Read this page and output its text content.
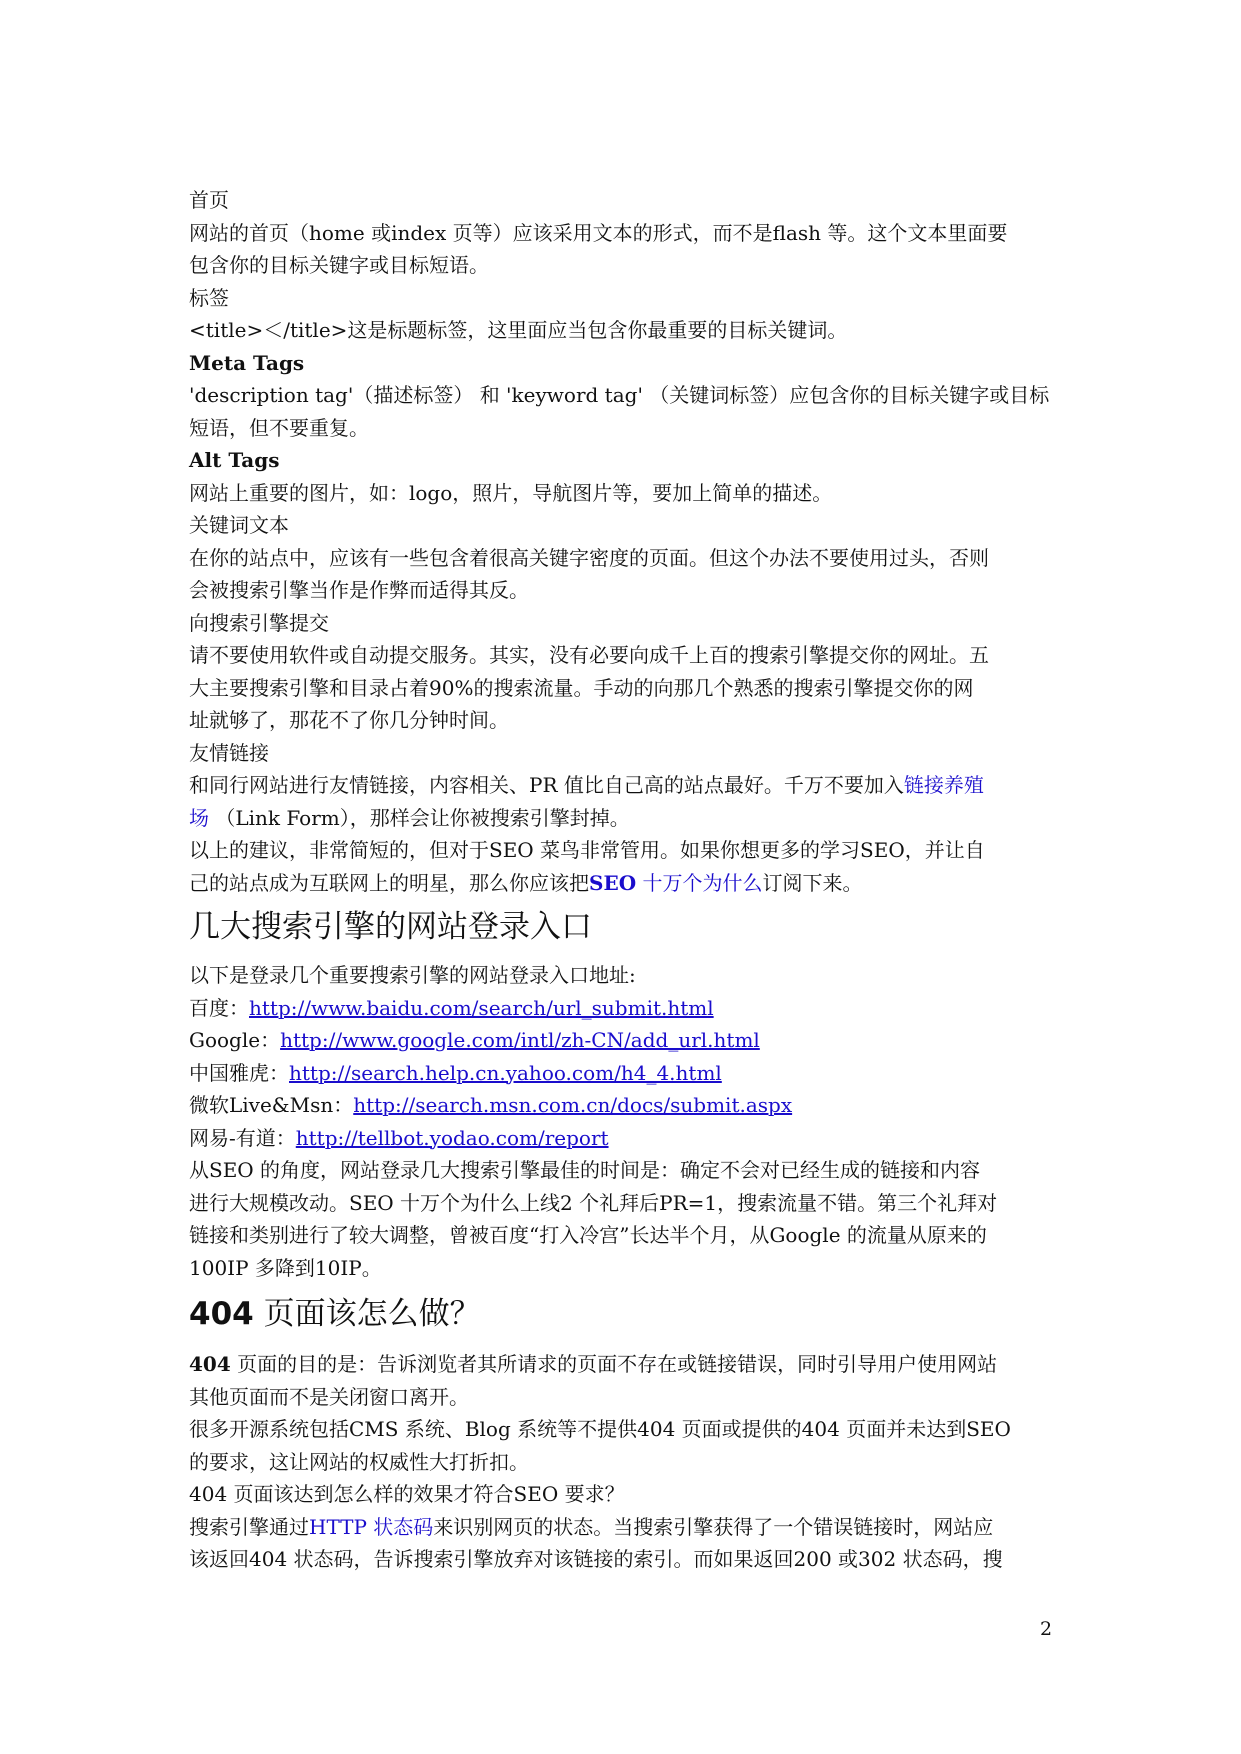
首页
网站的首页（home 或index 页等）应该采用文本的形式，而不是flash 等。这个文本里面要
包含你的目标关键字或目标短语。
标签
<title>＜/title>这是标题标签，这里面应当包含你最重要的目标关键词。
Meta Tags
'description tag'（描述标签） 和 'keyword tag' （关键词标签）应包含你的目标关键字或目标
短语，但不要重复。
Alt Tags
网站上重要的图片，如：logo，照片，导航图片等，要加上简单的描述。
关键词文本
在你的站点中，应该有一些包含着很高关键字密度的页面。但这个办法不要使用过头，否则
会被搜索引擎当作是作弊而适得其反。
向搜索引擎提交
请不要使用软件或自动提交服务。其实，没有必要向成千上百的搜索引擎提交你的网址。五
大主要搜索引擎和目录占着90%的搜索流量。手动的向那几个熟悉的搜索引擎提交你的网
址就够了，那花不了你几分钟时间。
友情链接
和同行网站进行友情链接，内容相关、PR 值比自己高的站点最好。千万不要加入链接养殖
场 （Link Form），那样会让你被搜索引擎封掉。
以上的建议，非常简短的，但对于SEO 菜鸟非常管用。如果你想更多的学习SEO，并让自
己的站点成为互联网上的明星，那么你应该把SEO 十万个为什么订阅下来。
几大搜索引擎的网站登录入口
以下是登录几个重要搜索引擎的网站登录入口地址:
百度：http://www.baidu.com/search/url_submit.html
Google：http://www.google.com/intl/zh-CN/add_url.html
中国雅虎：http://search.help.cn.yahoo.com/h4_4.html
微软Live&Msn：http://search.msn.com.cn/docs/submit.aspx
网易-有道：http://tellbot.yodao.com/report
从SEO 的角度，网站登录几大搜索引擎最佳的时间是：确定不会对已经生成的链接和内容
进行大规模改动。SEO 十万个为什么上线2 个礼拜后PR=1，搜索流量不错。第三个礼拜对
链接和类别进行了较大调整，曾被百度“打入冷宫”长达半个月，从Google 的流量从原来的
100IP 多降到10IP。
404 页面该怎么做？
404 页面的目的是：告诉浏览者其所请求的页面不存在或链接错误，同时引导用户使用网站
其他页面而不是关闭窗口离开。
很多开源系统包括CMS 系统、Blog 系统等不提供404 页面或提供的404 页面并未达到SEO
的要求，这让网站的权威性大打折扣。
404 页面该达到怎么样的效果才符合SEO 要求？
搜索引擎通过HTTP 状态码来识别网页的状态。当搜索引擎获得了一个错误链接时，网站应
该返回404 状态码，告诉搜索引擎放弃对该链接的索引。而如果返回200 或302 状态码，搜
2
